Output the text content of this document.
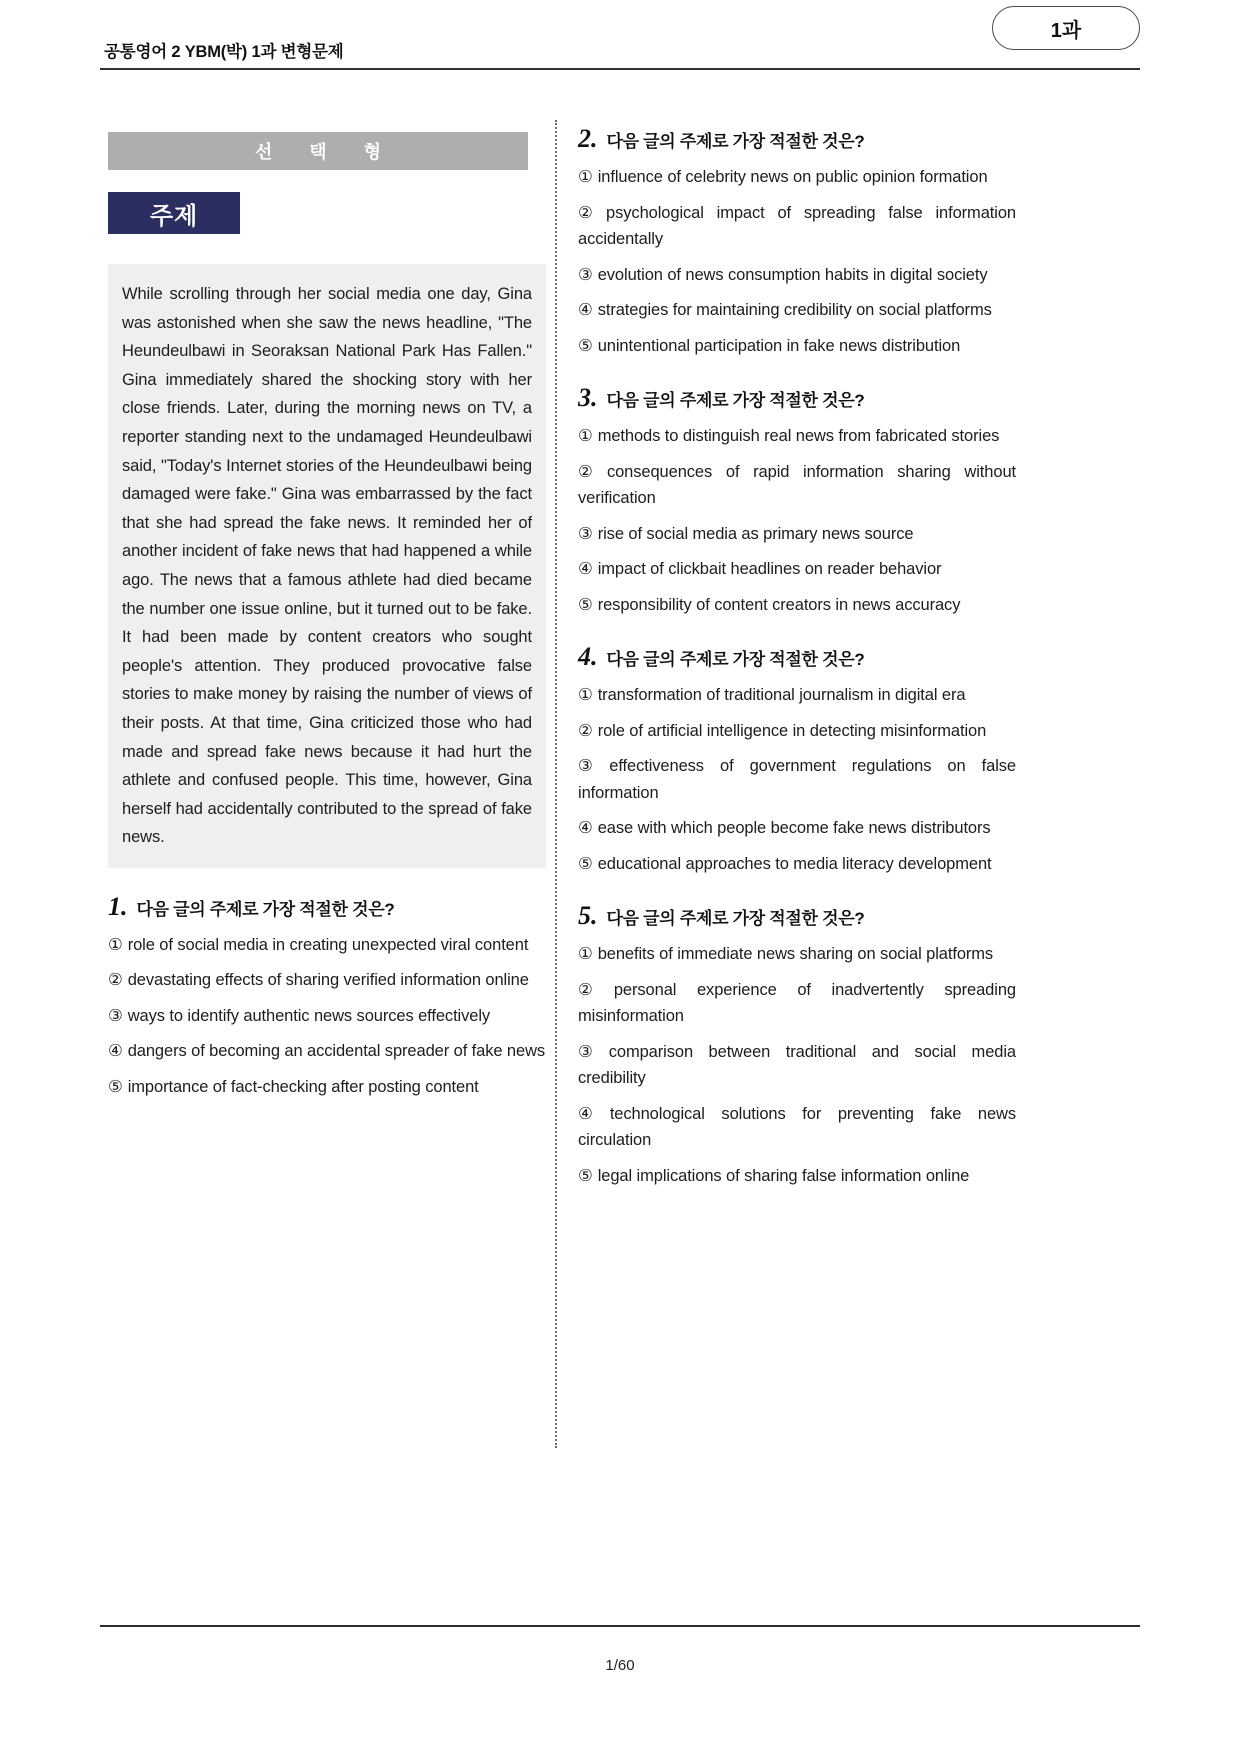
공통영어 2 YBM(박) 1과 변형문제
1과
선 택 형
주제
While scrolling through her social media one day, Gina was astonished when she saw the news headline, "The Heundeulbawi in Seoraksan National Park Has Fallen." Gina immediately shared the shocking story with her close friends. Later, during the morning news on TV, a reporter standing next to the undamaged Heundeulbawi said, "Today's Internet stories of the Heundeulbawi being damaged were fake." Gina was embarrassed by the fact that she had spread the fake news. It reminded her of another incident of fake news that had happened a while ago. The news that a famous athlete had died became the number one issue online, but it turned out to be fake. It had been made by content creators who sought people's attention. They produced provocative false stories to make money by raising the number of views of their posts. At that time, Gina criticized those who had made and spread fake news because it had hurt the athlete and confused people. This time, however, Gina herself had accidentally contributed to the spread of fake news.
1. 다음 글의 주제로 가장 적절한 것은?
① role of social media in creating unexpected viral content
② devastating effects of sharing verified information online
③ ways to identify authentic news sources effectively
④ dangers of becoming an accidental spreader of fake news
⑤ importance of fact-checking after posting content
2. 다음 글의 주제로 가장 적절한 것은?
① influence of celebrity news on public opinion formation
② psychological impact of spreading false information accidentally
③ evolution of news consumption habits in digital society
④ strategies for maintaining credibility on social platforms
⑤ unintentional participation in fake news distribution
3. 다음 글의 주제로 가장 적절한 것은?
① methods to distinguish real news from fabricated stories
② consequences of rapid information sharing without verification
③ rise of social media as primary news source
④ impact of clickbait headlines on reader behavior
⑤ responsibility of content creators in news accuracy
4. 다음 글의 주제로 가장 적절한 것은?
① transformation of traditional journalism in digital era
② role of artificial intelligence in detecting misinformation
③ effectiveness of government regulations on false information
④ ease with which people become fake news distributors
⑤ educational approaches to media literacy development
5. 다음 글의 주제로 가장 적절한 것은?
① benefits of immediate news sharing on social platforms
② personal experience of inadvertently spreading misinformation
③ comparison between traditional and social media credibility
④ technological solutions for preventing fake news circulation
⑤ legal implications of sharing false information online
1/60
